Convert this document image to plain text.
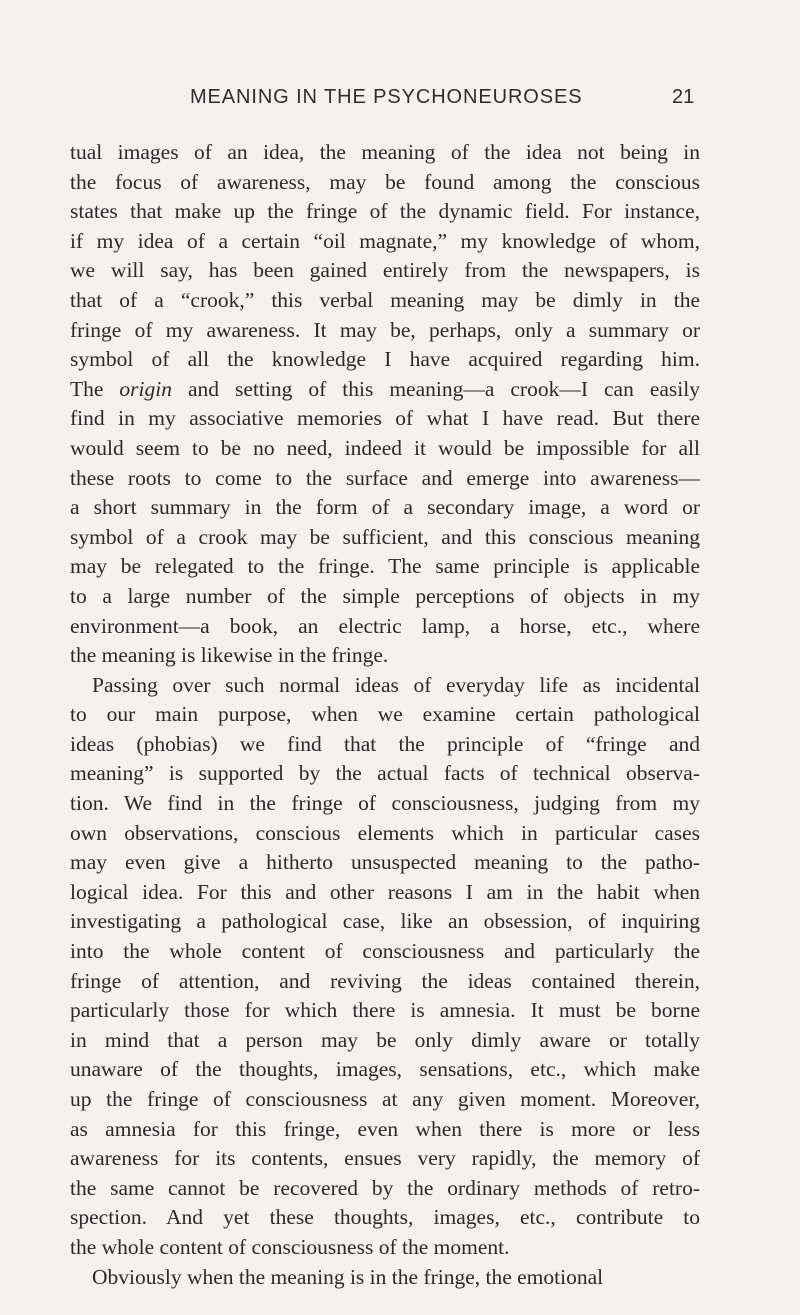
MEANING IN THE PSYCHONEUROSES	21
tual images of an idea, the meaning of the idea not being in
the focus of awareness, may be found among the conscious
states that make up the fringe of the dynamic field. For instance,
if my idea of a certain “oil magnate,” my knowledge of whom,
we will say, has been gained entirely from the newspapers, is
that of a “crook,” this verbal meaning may be dimly in the
fringe of my awareness. It may be, perhaps, only a summary or
symbol of all the knowledge I have acquired regarding him.
The origin and setting of this meaning—a crook—I can easily
find in my associative memories of what I have read. But there
would seem to be no need, indeed it would be impossible for all
these roots to come to the surface and emerge into awareness—
a short summary in the form of a secondary image, a word or
symbol of a crook may be sufficient, and this conscious meaning
may be relegated to the fringe. The same principle is applicable
to a large number of the simple perceptions of objects in my
environment—a book, an electric lamp, a horse, etc., where
the meaning is likewise in the fringe.
Passing over such normal ideas of everyday life as incidental
to our main purpose, when we examine certain pathological
ideas (phobias) we find that the principle of “fringe and
meaning” is supported by the actual facts of technical observa-
tion. We find in the fringe of consciousness, judging from my
own observations, conscious elements which in particular cases
may even give a hitherto unsuspected meaning to the patho-
logical idea. For this and other reasons I am in the habit when
investigating a pathological case, like an obsession, of inquiring
into the whole content of consciousness and particularly the
fringe of attention, and reviving the ideas contained therein,
particularly those for which there is amnesia. It must be borne
in mind that a person may be only dimly aware or totally
unaware of the thoughts, images, sensations, etc., which make
up the fringe of consciousness at any given moment. Moreover,
as amnesia for this fringe, even when there is more or less
awareness for its contents, ensues very rapidly, the memory of
the same cannot be recovered by the ordinary methods of retro-
spection. And yet these thoughts, images, etc., contribute to
the whole content of consciousness of the moment.
Obviously when the meaning is in the fringe, the emotional
